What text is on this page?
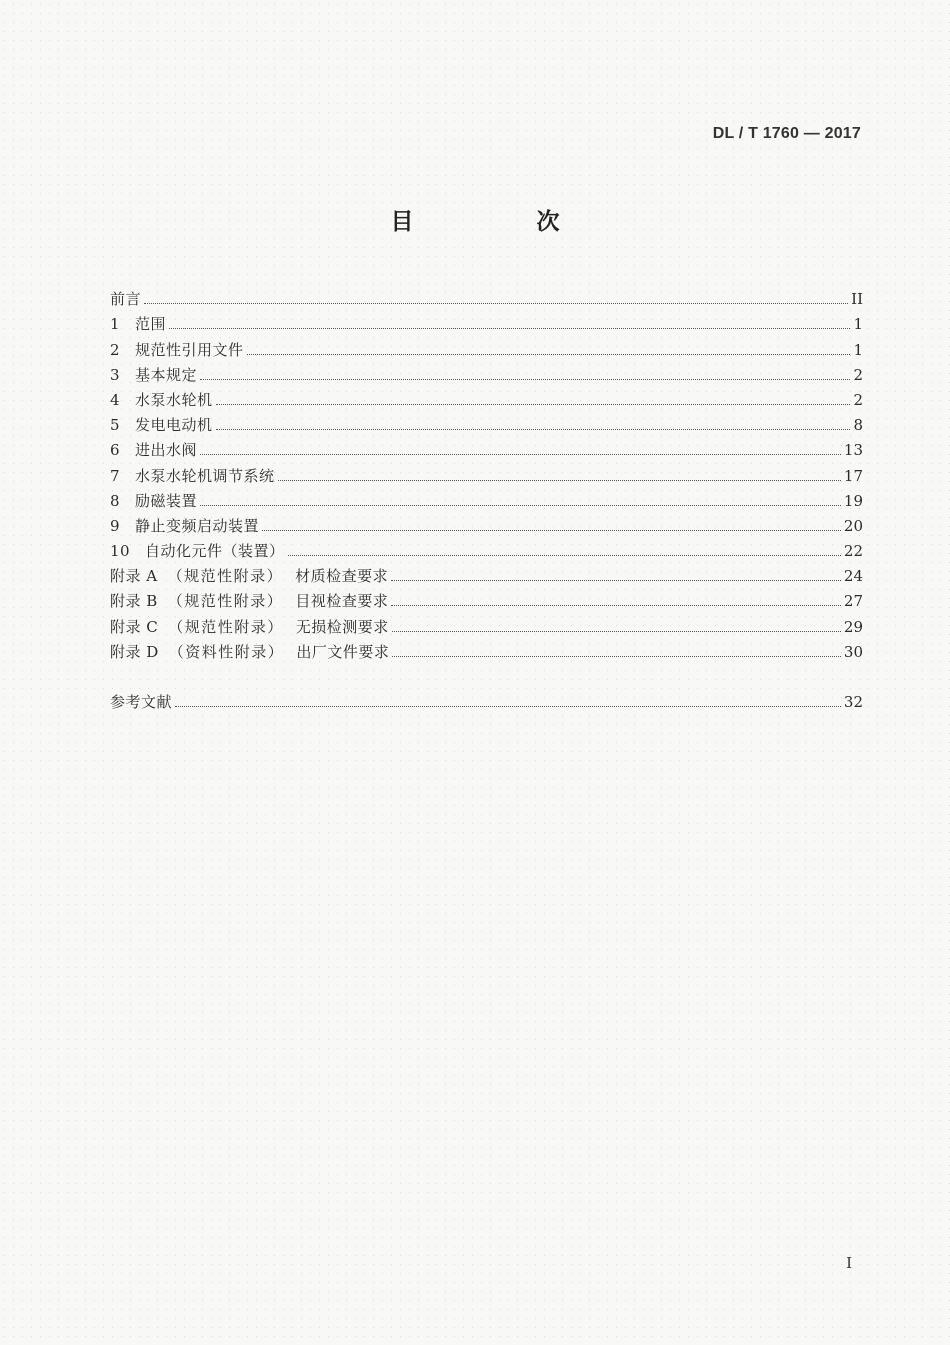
DL / T 1760 — 2017
目　次
前言	II
1 范围	1
2 规范性引用文件	1
3 基本规定	2
4 水泵水轮机	2
5 发电电动机	8
6 进出水阀	13
7 水泵水轮机调节系统	17
8 励磁装置	19
9 静止变频启动装置	20
10 自动化元件（装置）	22
附录 A （规范性附录） 材质检查要求	24
附录 B （规范性附录） 目视检查要求	27
附录 C （规范性附录） 无损检测要求	29
附录 D （资料性附录） 出厂文件要求	30
参考文献	32
I
